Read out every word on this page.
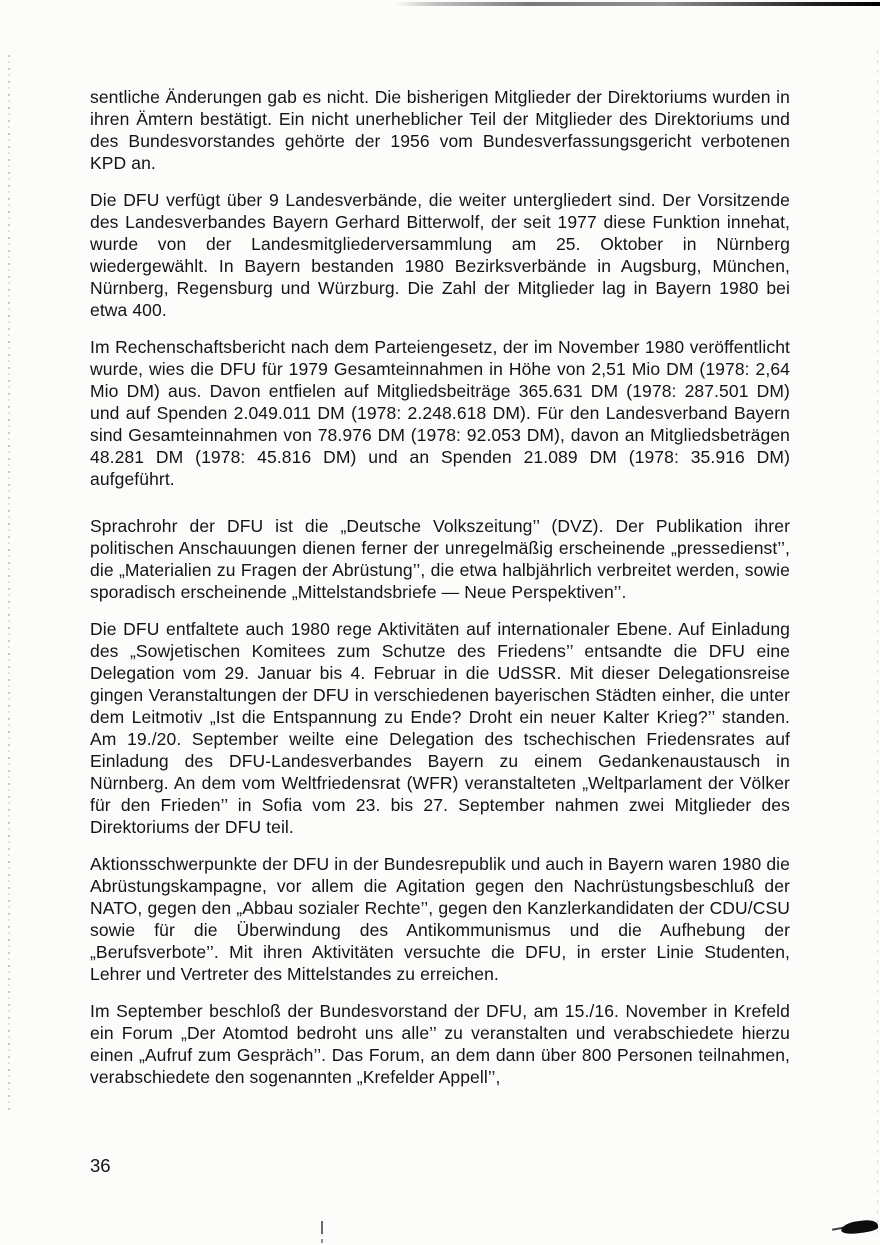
sentliche Änderungen gab es nicht. Die bisherigen Mitglieder der Direktoriums wurden in ihren Ämtern bestätigt. Ein nicht unerheblicher Teil der Mitglieder des Direktoriums und des Bundesvorstandes gehörte der 1956 vom Bundesverfassungsgericht verbotenen KPD an.

Die DFU verfügt über 9 Landesverbände, die weiter untergliedert sind. Der Vorsitzende des Landesverbandes Bayern Gerhard Bitterwolf, der seit 1977 diese Funktion innehat, wurde von der Landesmitgliederversammlung am 25. Oktober in Nürnberg wiedergewählt. In Bayern bestanden 1980 Bezirksverbände in Augsburg, München, Nürnberg, Regensburg und Würzburg. Die Zahl der Mitglieder lag in Bayern 1980 bei etwa 400.

Im Rechenschaftsbericht nach dem Parteiengesetz, der im November 1980 veröffentlicht wurde, wies die DFU für 1979 Gesamteinnahmen in Höhe von 2,51 Mio DM (1978: 2,64 Mio DM) aus. Davon entfielen auf Mitgliedsbeiträge 365.631 DM (1978: 287.501 DM) und auf Spenden 2.049.011 DM (1978: 2.248.618 DM). Für den Landesverband Bayern sind Gesamteinnahmen von 78.976 DM (1978: 92.053 DM), davon an Mitgliedsbeträgen 48.281 DM (1978: 45.816 DM) und an Spenden 21.089 DM (1978: 35.916 DM) aufgeführt.

Sprachrohr der DFU ist die „Deutsche Volkszeitung’’ (DVZ). Der Publikation ihrer politischen Anschauungen dienen ferner der unregelmäßig erscheinende „pressedienst’’, die „Materialien zu Fragen der Abrüstung’’, die etwa halbjährlich verbreitet werden, sowie sporadisch erscheinende „Mittelstandsbriefe — Neue Perspektiven’’.

Die DFU entfaltete auch 1980 rege Aktivitäten auf internationaler Ebene. Auf Einladung des „Sowjetischen Komitees zum Schutze des Friedens’’ entsandte die DFU eine Delegation vom 29. Januar bis 4. Februar in die UdSSR. Mit dieser Delegationsreise gingen Veranstaltungen der DFU in verschiedenen bayerischen Städten einher, die unter dem Leitmotiv „Ist die Entspannung zu Ende? Droht ein neuer Kalter Krieg?’’ standen. Am 19./20. September weilte eine Delegation des tschechischen Friedensrates auf Einladung des DFU-Landesverbandes Bayern zu einem Gedankenaustausch in Nürnberg. An dem vom Weltfriedensrat (WFR) veranstalteten „Weltparlament der Völker für den Frieden’’ in Sofia vom 23. bis 27. September nahmen zwei Mitglieder des Direktoriums der DFU teil.

Aktionsschwerpunkte der DFU in der Bundesrepublik und auch in Bayern waren 1980 die Abrüstungskampagne, vor allem die Agitation gegen den Nachrüstungsbeschluß der NATO, gegen den „Abbau sozialer Rechte’’, gegen den Kanzlerkandidaten der CDU/CSU sowie für die Überwindung des Antikommunismus und die Aufhebung der „Berufsverbote’’. Mit ihren Aktivitäten versuchte die DFU, in erster Linie Studenten, Lehrer und Vertreter des Mittelstandes zu erreichen.

Im September beschloß der Bundesvorstand der DFU, am 15./16. November in Krefeld ein Forum „Der Atomtod bedroht uns alle’’ zu veranstalten und verabschiedete hierzu einen „Aufruf zum Gespräch’’. Das Forum, an dem dann über 800 Personen teilnahmen, verabschiedete den sogenannten „Krefelder Appell’’,

36
